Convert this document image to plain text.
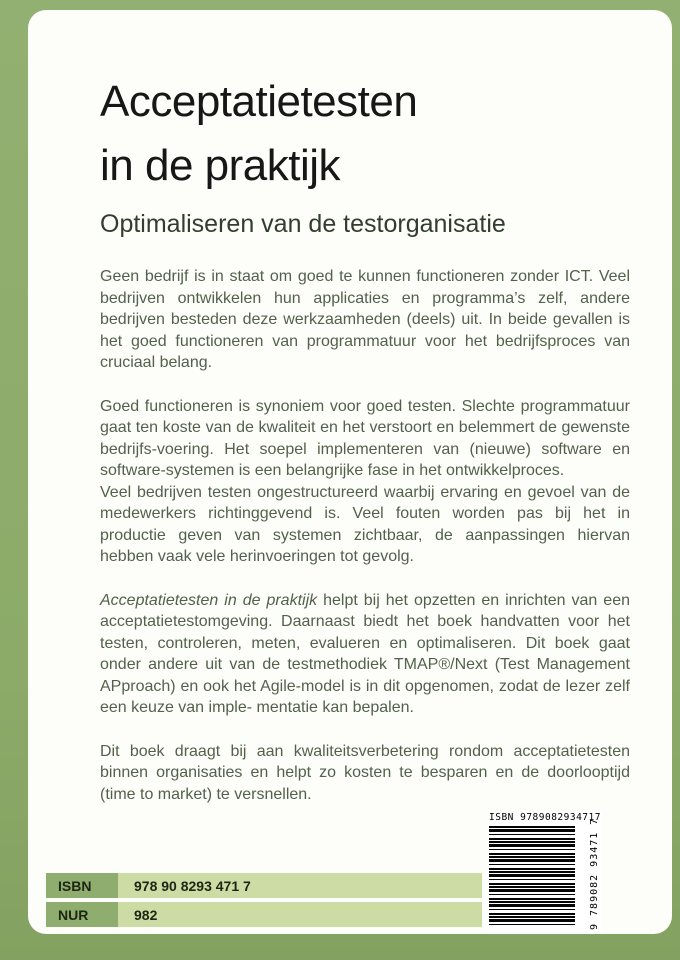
Acceptatietesten
in de praktijk
Optimaliseren van de testorganisatie

Geen bedrijf is in staat om goed te kunnen functioneren zonder ICT. Veel bedrijven ontwikkelen hun applicaties en programma’s zelf, andere bedrijven besteden deze werkzaamheden (deels) uit. In beide gevallen is het goed functioneren van programmatuur voor het bedrijfsproces van cruciaal belang.

Goed functioneren is synoniem voor goed testen. Slechte programmatuur gaat ten koste van de kwaliteit en het verstoort en belemmert de gewenste bedrijfs-voering. Het soepel implementeren van (nieuwe) software en software-systemen is een belangrijke fase in het ontwikkelproces.

Veel bedrijven testen ongestructureerd waarbij ervaring en gevoel van de medewerkers richtinggevend is. Veel fouten worden pas bij het in productie geven van systemen zichtbaar, de aanpassingen hiervan hebben vaak vele herinvoeringen tot gevolg.

Acceptatietesten in de praktijk helpt bij het opzetten en inrichten van een acceptatietestomgeving. Daarnaast biedt het boek handvatten voor het testen, controleren, meten, evalueren en optimaliseren. Dit boek gaat onder andere uit van de testmethodiek TMAP®/Next (Test Management APproach) en ook het Agile-model is in dit opgenomen, zodat de lezer zelf een keuze van imple- mentatie kan bepalen.

Dit boek draagt bij aan kwaliteitsverbetering rondom acceptatietesten binnen organisaties en helpt zo kosten te besparen en de doorlooptijd (time to market) te versnellen.

ISBN 9789082934717
9 789082 93471 7
ISBN	978 90 8293 471 7
NUR	982
